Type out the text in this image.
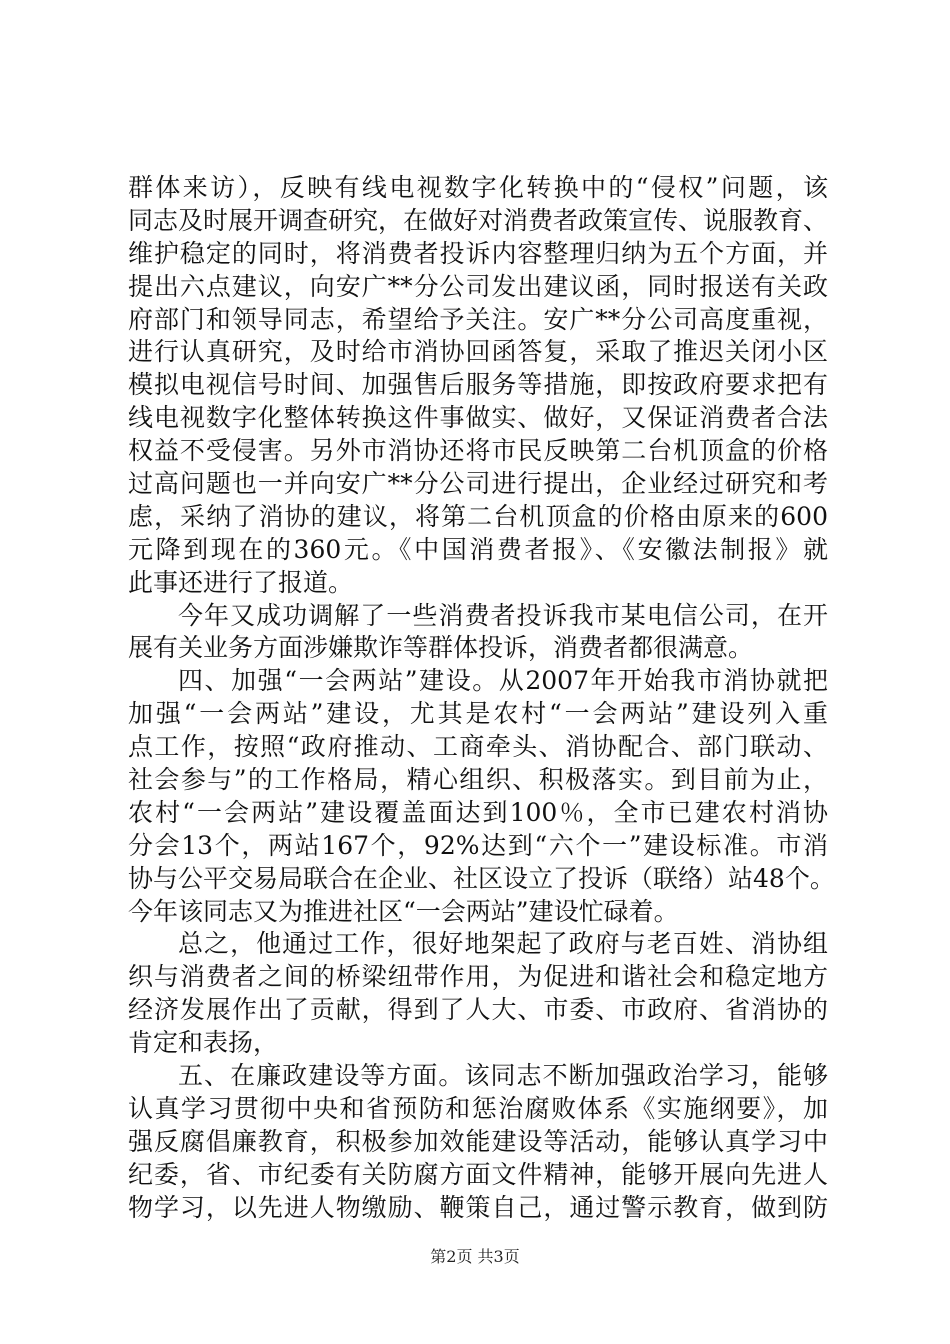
群体来访），反映有线电视数字化转换中的“侵权”问题，该
同志及时展开调查研究，在做好对消费者政策宣传、说服教育、
维护稳定的同时，将消费者投诉内容整理归纳为五个方面，并
提出六点建议，向安广**分公司发出建议函，同时报送有关政
府部门和领导同志，希望给予关注。安广**分公司高度重视，
进行认真研究，及时给市消协回函答复，采取了推迟关闭小区
模拟电视信号时间、加强售后服务等措施，即按政府要求把有
线电视数字化整体转换这件事做实、做好，又保证消费者合法
权益不受侵害。另外市消协还将市民反映第二台机顶盒的价格
过高问题也一并向安广**分公司进行提出，企业经过研究和考
虑，采纳了消协的建议，将第二台机顶盒的价格由原来的600
元降到现在的360元。《中国消费者报》、《安徽法制报》就
此事还进行了报道。
今年又成功调解了一些消费者投诉我市某电信公司，在开
展有关业务方面涉嫌欺诈等群体投诉，消费者都很满意。
四、加强“一会两站”建设。从2007年开始我市消协就把
加强“一会两站”建设，尤其是农村“一会两站”建设列入重
点工作，按照“政府推动、工商牵头、消协配合、部门联动、
社会参与”的工作格局，精心组织、积极落实。到目前为止，
农村“一会两站”建设覆盖面达到100％，全市已建农村消协
分会13个，两站167个，92%达到“六个一”建设标准。市消
协与公平交易局联合在企业、社区设立了投诉（联络）站48个。
今年该同志又为推进社区“一会两站”建设忙碌着。
总之，他通过工作，很好地架起了政府与老百姓、消协组
织与消费者之间的桥梁纽带作用，为促进和谐社会和稳定地方
经济发展作出了贡献，得到了人大、市委、市政府、省消协的
肯定和表扬，
五、在廉政建设等方面。该同志不断加强政治学习，能够
认真学习贯彻中央和省预防和惩治腐败体系《实施纲要》，加
强反腐倡廉教育，积极参加效能建设等活动，能够认真学习中
纪委，省、市纪委有关防腐方面文件精神，能够开展向先进人
物学习，以先进人物缴励、鞭策自己，通过警示教育，做到防
第2页 共3页
